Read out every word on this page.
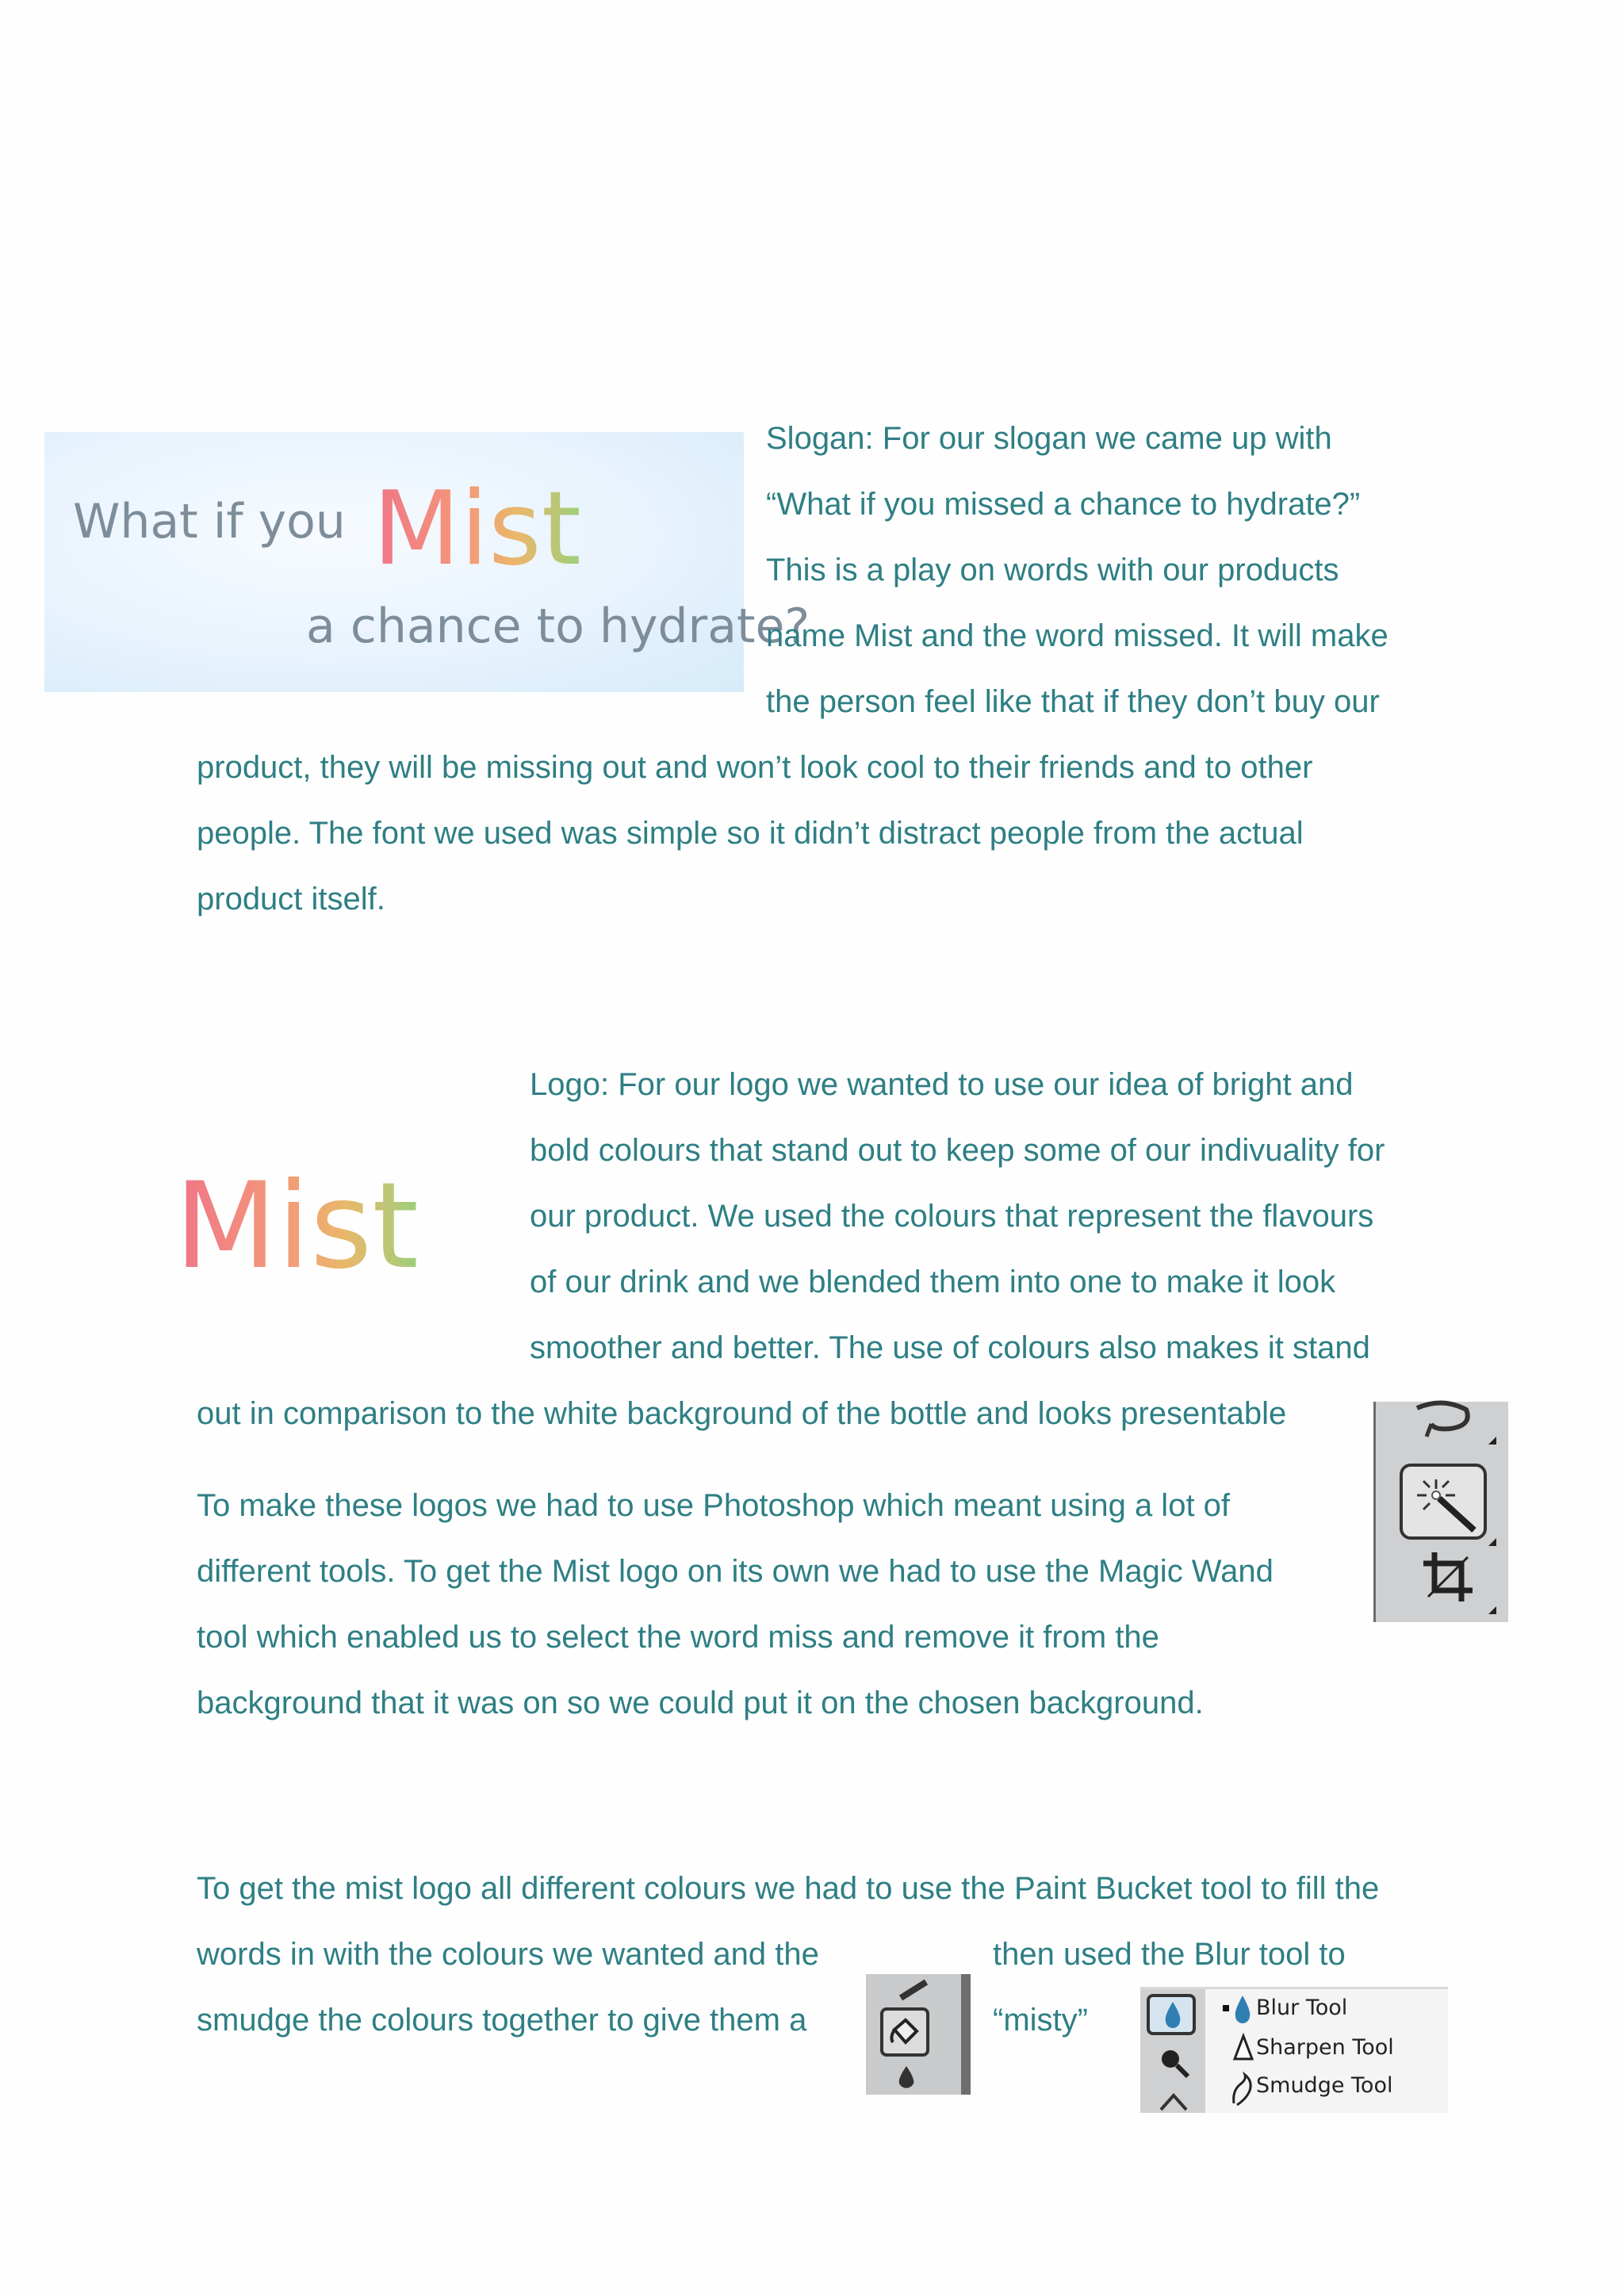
What if you Mist
a chance to hydrate?
Slogan: For our slogan we came up with
“What if you missed a chance to hydrate?”
This is a play on words with our products
name Mist and the word missed. It will make
the person feel like that if they don’t buy our
product, they will be missing out and won’t look cool to their friends and to other
people. The font we used was simple so it didn’t distract people from the actual
product itself.
Mist
Logo: For our logo we wanted to use our idea of bright and
bold colours that stand out to keep some of our indivuality for
our product. We used the colours that represent the flavours
of our drink and we blended them into one to make it look
smoother and better. The use of colours also makes it stand
out in comparison to the white background of the bottle and looks presentable
To make these logos we had to use Photoshop which meant using a lot of
different tools. To get the Mist logo on its own we had to use the Magic Wand
tool which enabled us to select the word miss and remove it from the
background that it was on so we could put it on the chosen background.
To get the mist logo all different colours we had to use the Paint Bucket tool to fill the
words in with the colours we wanted and the	then used the Blur tool to
smudge the colours together to give them a	“misty”	Blur Tool
Sharpen Tool
Smudge Tool
